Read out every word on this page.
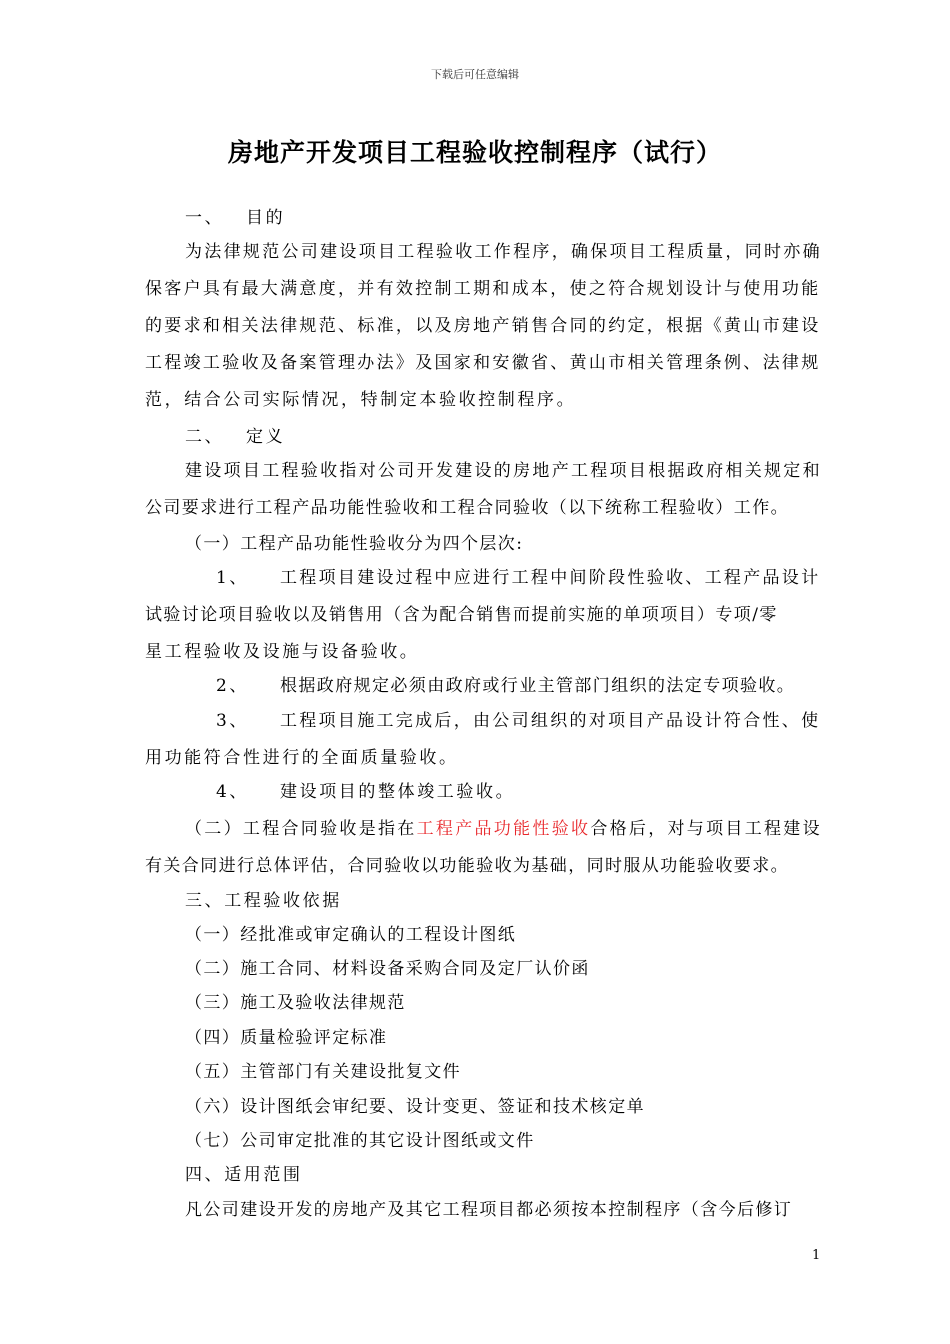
下载后可任意编辑
房地产开发项目工程验收控制程序（试行）
一、 目的
为法律规范公司建设项目工程验收工作程序，确保项目工程质量，同时亦确
保客户具有最大满意度，并有效控制工期和成本，使之符合规划设计与使用功能
的要求和相关法律规范、标准，以及房地产销售合同的约定，根据《黄山市建设
工程竣工验收及备案管理办法》及国家和安徽省、黄山市相关管理条例、法律规
范，结合公司实际情况，特制定本验收控制程序。
二、 定义
建设项目工程验收指对公司开发建设的房地产工程项目根据政府相关规定和
公司要求进行工程产品功能性验收和工程合同验收（以下统称工程验收）工作。
（一）工程产品功能性验收分为四个层次:
1、 工程项目建设过程中应进行工程中间阶段性验收、工程产品设计
试验讨论项目验收以及销售用（含为配合销售而提前实施的单项项目）专项/零
星工程验收及设施与设备验收。
2、 根据政府规定必须由政府或行业主管部门组织的法定专项验收。
3、 工程项目施工完成后，由公司组织的对项目产品设计符合性、使
用功能符合性进行的全面质量验收。
4、 建设项目的整体竣工验收。
（二）工程合同验收是指在工程产品功能性验收合格后，对与项目工程建设
有关合同进行总体评估，合同验收以功能验收为基础，同时服从功能验收要求。
三、工程验收依据
（一）经批准或审定确认的工程设计图纸
（二）施工合同、材料设备采购合同及定厂认价函
（三）施工及验收法律规范
（四）质量检验评定标准
（五）主管部门有关建设批复文件
（六）设计图纸会审纪要、设计变更、签证和技术核定单
（七）公司审定批准的其它设计图纸或文件
四、适用范围
凡公司建设开发的房地产及其它工程项目都必须按本控制程序（含今后修订
1
